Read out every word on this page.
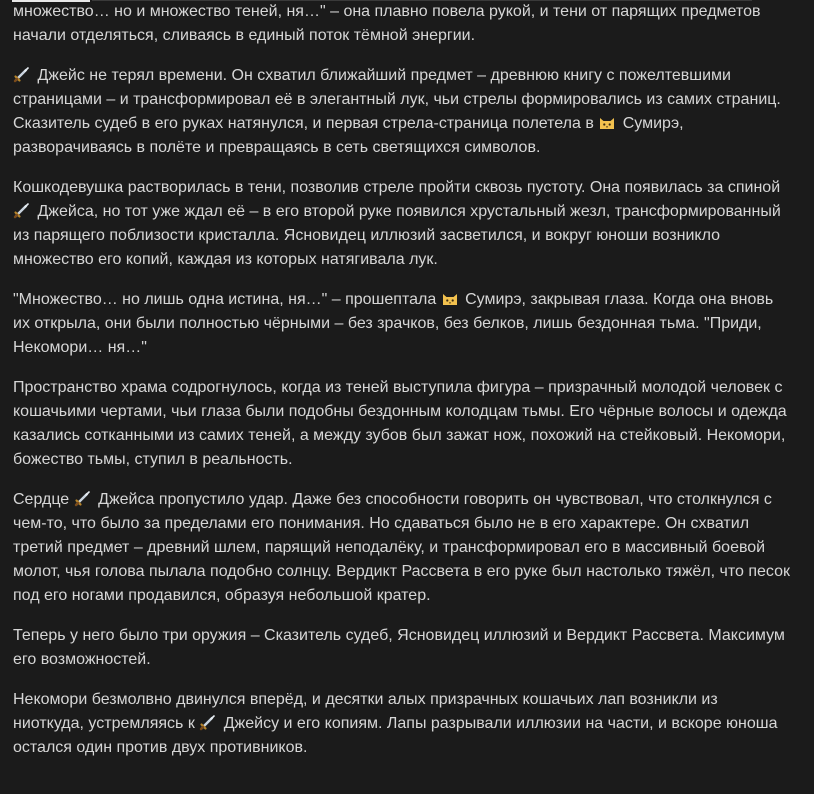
множество… но и множество теней, ня…" – она плавно повела рукой, и тени от парящих предметов начали отделяться, сливаясь в единый поток тёмной энергии.

Джейс не терял времени. Он схватил ближайший предмет – древнюю книгу с пожелтевшими страницами – и трансформировал её в элегантный лук, чьи стрелы формировались из самих страниц. Сказитель судеб в его руках натянулся, и первая стрела-страница полетела в  Сумирэ, разворачиваясь в полёте и превращаясь в сеть светящихся символов.

Кошкодевушка растворилась в тени, позволив стреле пройти сквозь пустоту. Она появилась за спиной  Джейса, но тот уже ждал её – в его второй руке появился хрустальный жезл, трансформированный из парящего поблизости кристалла. Ясновидец иллюзий засветился, и вокруг юноши возникло множество его копий, каждая из которых натягивала лук.

"Множество… но лишь одна истина, ня…" – прошептала  Сумирэ, закрывая глаза. Когда она вновь их открыла, они были полностью чёрными – без зрачков, без белков, лишь бездонная тьма. "Приди, Некомори… ня…"

Пространство храма содрогнулось, когда из теней выступила фигура – призрачный молодой человек с кошачьими чертами, чьи глаза были подобны бездонным колодцам тьмы. Его чёрные волосы и одежда казались сотканными из самих теней, а между зубов был зажат нож, похожий на стейковый. Некомори, божество тьмы, ступил в реальность.

Сердце  Джейса пропустило удар. Даже без способности говорить он чувствовал, что столкнулся с чем-то, что было за пределами его понимания. Но сдаваться было не в его характере. Он схватил третий предмет – древний шлем, парящий неподалёку, и трансформировал его в массивный боевой молот, чья голова пылала подобно солнцу. Вердикт Рассвета в его руке был настолько тяжёл, что песок под его ногами продавился, образуя небольшой кратер.

Теперь у него было три оружия – Сказитель судеб, Ясновидец иллюзий и Вердикт Рассвета. Максимум его возможностей.

Некомори безмолвно двинулся вперёд, и десятки алых призрачных кошачьих лап возникли из ниоткуда, устремляясь к  Джейсу и его копиям. Лапы разрывали иллюзии на части, и вскоре юноша остался один против двух противников.
